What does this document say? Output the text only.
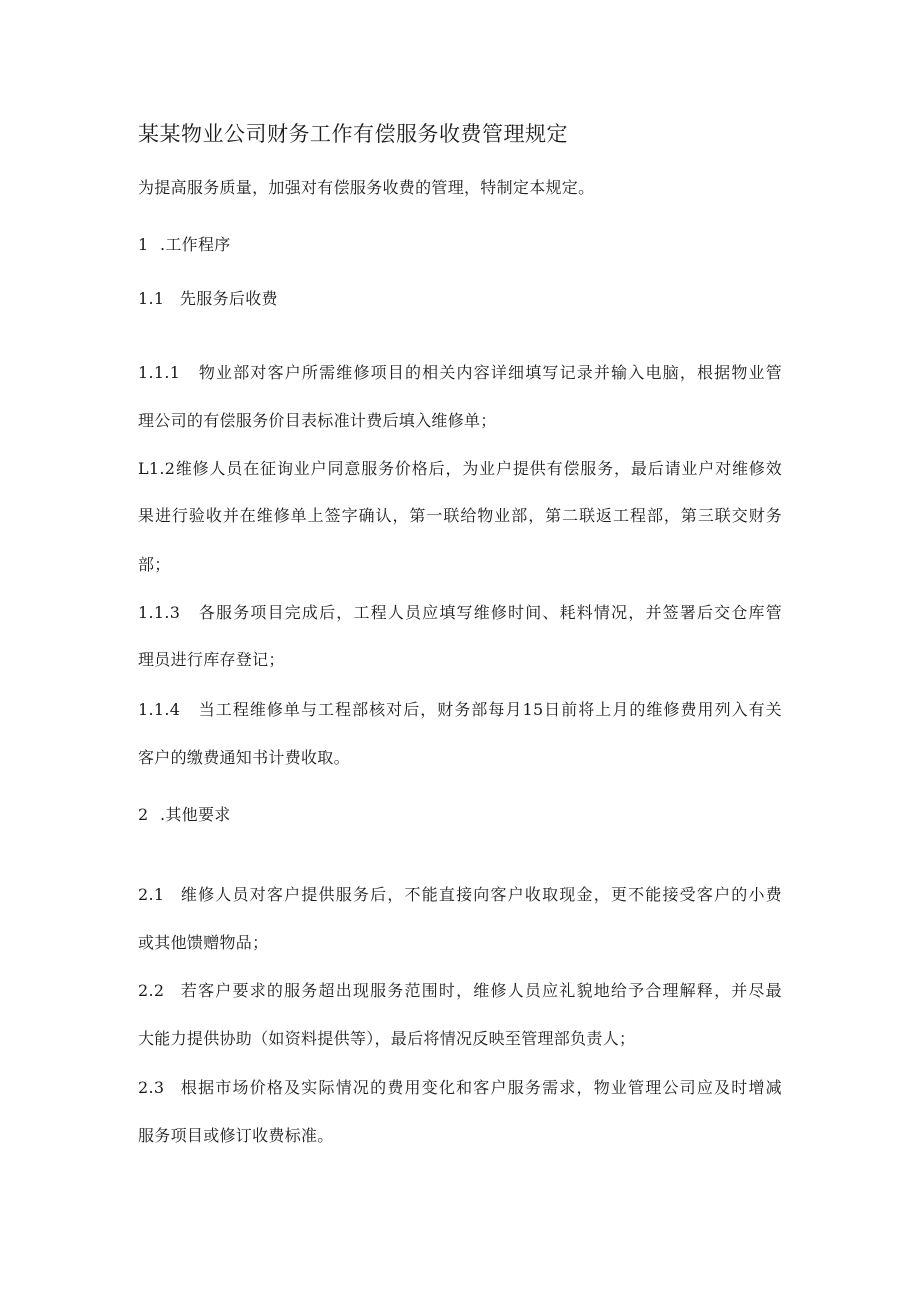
某某物业公司财务工作有偿服务收费管理规定
为提高服务质量，加强对有偿服务收费的管理，特制定本规定。
1 .工作程序
1.1 先服务后收费
1.1.1 物业部对客户所需维修项目的相关内容详细填写记录并输入电脑，根据物业管
理公司的有偿服务价目表标准计费后填入维修单；
L1.2维修人员在征询业户同意服务价格后，为业户提供有偿服务，最后请业户对维修效
果进行验收并在维修单上签字确认，第一联给物业部，第二联返工程部，第三联交财务
部；
1.1.3 各服务项目完成后，工程人员应填写维修时间、耗料情况，并签署后交仓库管
理员进行库存登记；
1.1.4 当工程维修单与工程部核对后，财务部每月15日前将上月的维修费用列入有关
客户的缴费通知书计费收取。
2 .其他要求
2.1 维修人员对客户提供服务后，不能直接向客户收取现金，更不能接受客户的小费
或其他馈赠物品；
2.2 若客户要求的服务超出现服务范围时，维修人员应礼貌地给予合理解释，并尽最
大能力提供协助（如资料提供等），最后将情况反映至管理部负责人；
2.3 根据市场价格及实际情况的费用变化和客户服务需求，物业管理公司应及时增减
服务项目或修订收费标准。
